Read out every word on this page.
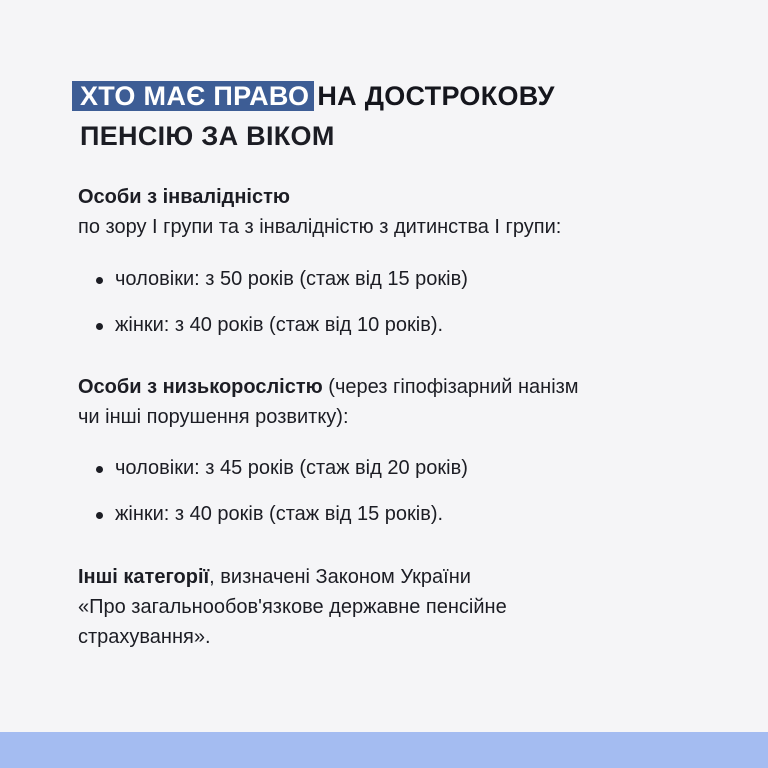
ХТО МАЄ ПРАВО НА ДОСТРОКОВУ
ПЕНСІЮ ЗА ВІКОМ

Особи з інвалідністю

по зору І групи та з інвалідністю з дитинства І групи:

чоловіки: з 50 років (стаж від 15 років)
жінки: з 40 років (стаж від 10 років).

Особи з низькорослістю (через гіпофізарний нанізм

чи інші порушення розвитку):

чоловіки: з 45 років (стаж від 20 років)
жінки: з 40 років (стаж від 15 років).

Інші категорії, визначені Законом України

«Про загальнообов'язкове державне пенсійне

страхування».
